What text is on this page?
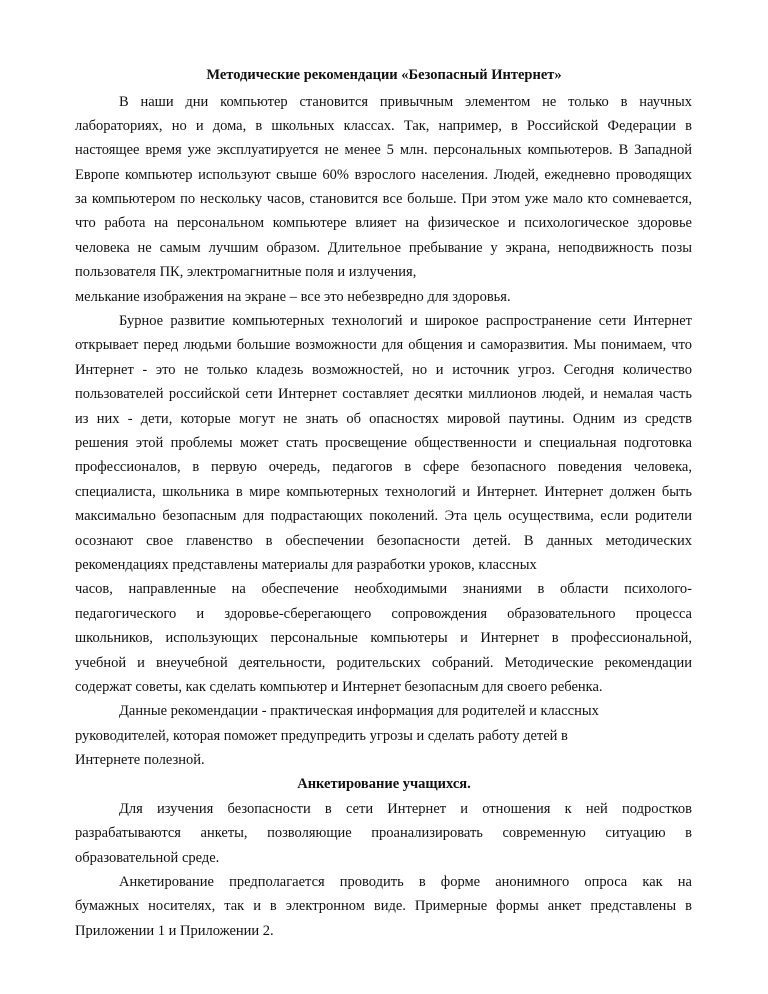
Методические рекомендации «Безопасный Интернет»
В наши дни компьютер становится привычным элементом не только в научных
лабораториях, но и дома, в школьных классах. Так, например, в Российской Федерации в
настоящее время уже эксплуатируется не менее 5 млн. персональных компьютеров. В Западной
Европе компьютер используют свыше 60% взрослого населения. Людей, ежедневно проводящих
за компьютером по нескольку часов, становится все больше. При этом уже мало кто сомневается,
что работа на персональном компьютере влияет на физическое и психологическое здоровье
человека не самым лучшим образом. Длительное пребывание у экрана, неподвижность позы
пользователя ПК, электромагнитные поля и излучения,
мелькание изображения на экране – все это небезвредно для здоровья.
Бурное развитие компьютерных технологий и широкое распространение сети Интернет
открывает перед людьми большие возможности для общения и саморазвития. Мы понимаем, что
Интернет - это не только кладезь возможностей, но и источник угроз. Сегодня количество
пользователей российской сети Интернет составляет десятки миллионов людей, и немалая часть
из них - дети, которые могут не знать об опасностях мировой паутины. Одним из средств
решения этой проблемы может стать просвещение общественности и специальная подготовка
профессионалов, в первую очередь, педагогов в сфере безопасного поведения человека,
специалиста, школьника в мире компьютерных технологий и Интернет. Интернет должен быть
максимально безопасным для подрастающих поколений. Эта цель осуществима, если родители
осознают свое главенство в обеспечении безопасности детей. В данных методических
рекомендациях представлены материалы для разработки уроков, классных
часов, направленные на обеспечение необходимыми знаниями в области психолого-
педагогического и здоровье-сберегающего сопровождения образовательного процесса
школьников, использующих персональные компьютеры и Интернет в профессиональной,
учебной и внеучебной деятельности, родительских собраний. Методические рекомендации
содержат советы, как сделать компьютер и Интернет безопасным для своего ребенка.
Данные рекомендации - практическая информация для родителей и классных
руководителей, которая поможет предупредить угрозы и сделать работу детей в
Интернете полезной.
Анкетирование учащихся.
Для изучения безопасности в сети Интернет и отношения к ней подростков
разрабатываются анкеты, позволяющие проанализировать современную ситуацию в
образовательной среде.
Анкетирование предполагается проводить в форме анонимного опроса как на
бумажных носителях, так и в электронном виде. Примерные формы анкет представлены в
Приложении 1 и Приложении 2.
